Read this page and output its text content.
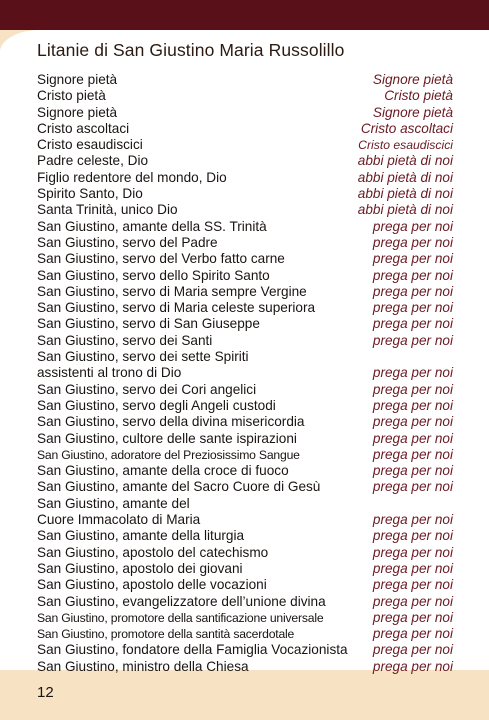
Litanie di San Giustino Maria Russolillo
Signore pietà	Signore pietà
Cristo pietà	Cristo pietà
Signore pietà	Signore pietà
Cristo ascoltaci	Cristo ascoltaci
Cristo esaudiscici	Cristo esaudiscici
Padre celeste, Dio	abbi pietà di noi
Figlio redentore del mondo, Dio	abbi pietà di noi
Spirito Santo, Dio	abbi pietà di noi
Santa Trinità, unico Dio	abbi pietà di noi
San Giustino, amante della SS. Trinità	prega per noi
San Giustino, servo del Padre	prega per noi
San Giustino, servo del Verbo fatto carne	prega per noi
San Giustino, servo dello Spirito Santo	prega per noi
San Giustino, servo di Maria sempre Vergine	prega per noi
San Giustino, servo di Maria celeste superiora	prega per noi
San Giustino, servo di San Giuseppe	prega per noi
San Giustino, servo dei Santi	prega per noi
San Giustino, servo dei sette Spiriti
assistenti al trono di Dio	prega per noi
San Giustino, servo dei Cori angelici	prega per noi
San Giustino, servo degli Angeli custodi	prega per noi
San Giustino, servo della divina misericordia	prega per noi
San Giustino, cultore delle sante ispirazioni	prega per noi
San Giustino, adoratore del Preziosissimo Sangue	prega per noi
San Giustino, amante della croce di fuoco	prega per noi
San Giustino, amante del Sacro Cuore di Gesù	prega per noi
San Giustino, amante del
Cuore Immacolato di Maria	prega per noi
San Giustino, amante della liturgia	prega per noi
San Giustino, apostolo del catechismo	prega per noi
San Giustino, apostolo dei giovani	prega per noi
San Giustino, apostolo delle vocazioni	prega per noi
San Giustino, evangelizzatore dell’unione divina	prega per noi
San Giustino, promotore della santificazione universale	prega per noi
San Giustino, promotore della santità sacerdotale	prega per noi
San Giustino, fondatore della Famiglia Vocazionista prega per noi
San Giustino, ministro della Chiesa	prega per noi
12
